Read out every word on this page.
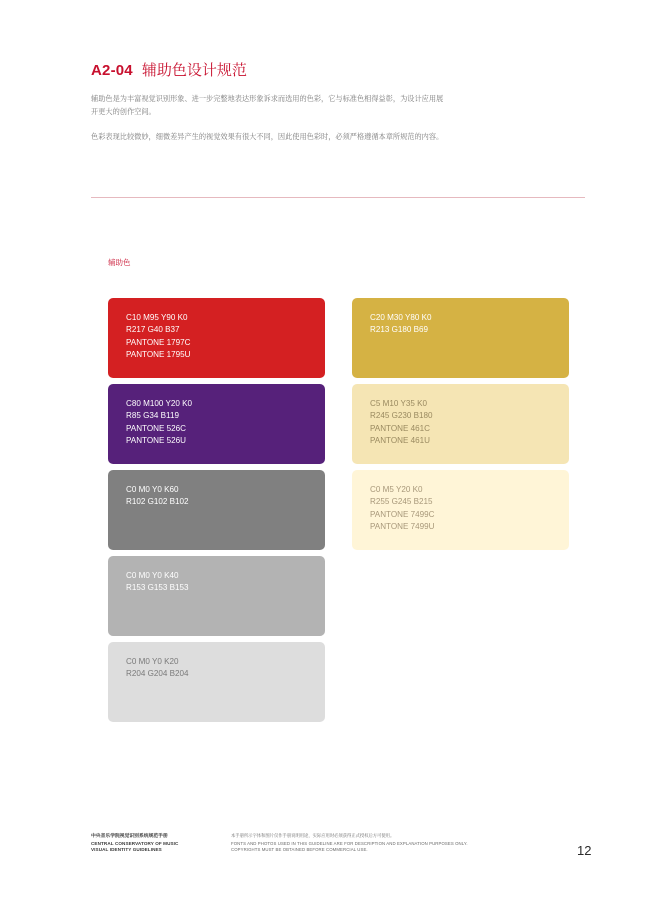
A2-04 辅助色设计规范

辅助色是为丰富视觉识别形象、进一步完整地表达形象诉求而选用的色彩，它与标准色相得益彰，为设计应用展
开更大的创作空间。

色彩表现比较微妙，细微差异产生的视觉效果有很大不同，因此使用色彩时，必须严格遵循本章所规范的内容。

辅助色
C10 M95 Y90 K0
R217 G40 B37
PANTONE 1797C
PANTONE 1795U
C80 M100 Y20 K0
R85 G34 B119
PANTONE 526C
PANTONE 526U
C0 M0 Y0 K60
R102 G102 B102
C0 M0 Y0 K40
R153 G153 B153
C0 M0 Y0 K20
R204 G204 B204
C20 M30 Y80 K0
R213 G180 B69
C5 M10 Y35 K0
R245 G230 B180
PANTONE 461C
PANTONE 461U
C0 M5 Y20 K0
R255 G245 B215
PANTONE 7499C
PANTONE 7499U
中央音乐学院视觉识别系统规范手册
CENTRAL CONSERVATORY OF MUSIC
VISUAL IDENTITY GUIDELINES
本手册所示字体和图片仅作手册说明用途，实际应用时必须获得正式授权后方可使用。
FONTS AND PHOTOS USED IN THIS GUIDELINE ARE FOR DESCRIPTION AND EXPLANATION PURPOSES ONLY.
COPYRIGHTS MUST BE OBTAINED BEFORE COMMERCIAL USE.	12
